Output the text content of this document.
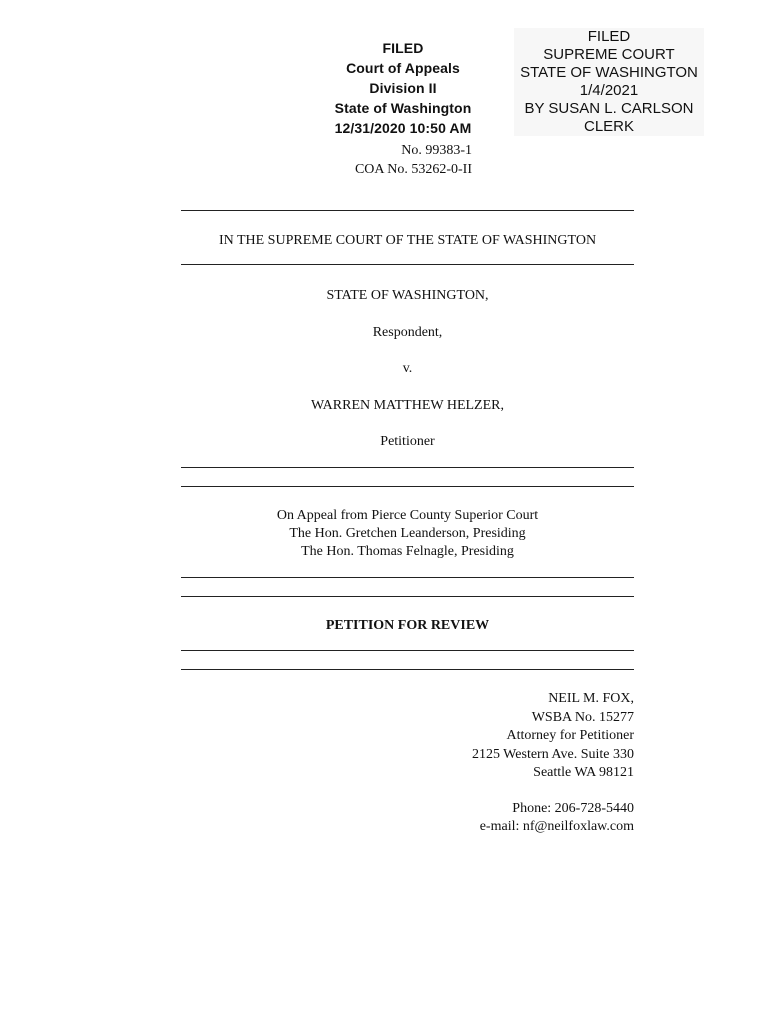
FILED
Court of Appeals
Division II
State of Washington
12/31/2020 10:50 AM
FILED
SUPREME COURT
STATE OF WASHINGTON
1/4/2021
BY SUSAN L. CARLSON
CLERK
No. 99383-1
COA No. 53262-0-II
IN THE SUPREME COURT OF THE STATE OF WASHINGTON
STATE OF WASHINGTON,
Respondent,
v.
WARREN MATTHEW HELZER,
Petitioner
On Appeal from Pierce County Superior Court
The Hon. Gretchen Leanderson, Presiding
The Hon. Thomas Felnagle, Presiding
PETITION FOR REVIEW
NEIL M. FOX,
WSBA No. 15277
Attorney for Petitioner
2125 Western Ave. Suite 330
Seattle WA 98121
Phone: 206-728-5440
e-mail: nf@neilfoxlaw.com
